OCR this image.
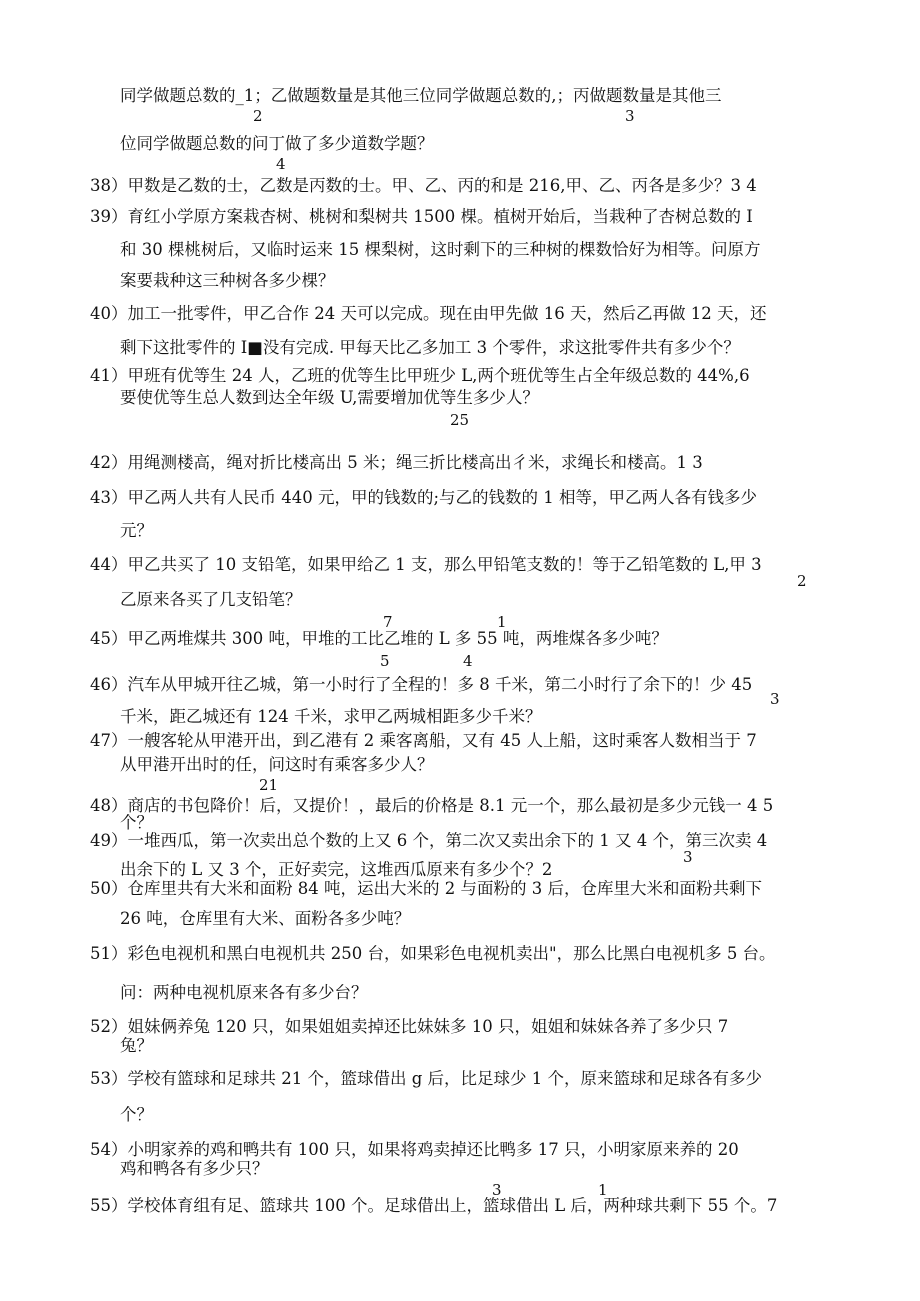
同学做题总数的_1；乙做题数量是其他三位同学做题总数的,；丙做题数量是其他三
2	3
位同学做题总数的问丁做了多少道数学题？
4
38）甲数是乙数的士，乙数是丙数的士。甲、乙、丙的和是 216,甲、乙、丙各是多少？3 4
39）育红小学原方案栽杏树、桃树和梨树共 1500 棵。植树开始后，当栽种了杏树总数的 I
和 30 棵桃树后，又临时运来 15 棵梨树，这时剩下的三种树的棵数恰好为相等。问原方
案要栽种这三种树各多少棵？
40）加工一批零件，甲乙合作 24 天可以完成。现在由甲先做 16 天，然后乙再做 12 天，还
剩下这批零件的 I■没有完成. 甲每天比乙多加工 3 个零件，求这批零件共有多少个？
41）甲班有优等生 24 人，乙班的优等生比甲班少 L,两个班优等生占全年级总数的 44%,6
要使优等生总人数到达全年级 U,需要增加优等生多少人？
25
42）用绳测楼高，绳对折比楼高出 5 米；绳三折比楼高出彳米，求绳长和楼高。1 3
43）甲乙两人共有人民币 440 元，甲的钱数的;与乙的钱数的 1 相等，甲乙两人各有钱多少
元？
44）甲乙共买了 10 支铅笔，如果甲给乙 1 支，那么甲铅笔支数的！等于乙铅笔数的 L,甲 3
2
乙原来各买了几支铅笔？
7	1
45）甲乙两堆煤共 300 吨，甲堆的工比乙堆的 L 多 55 吨，两堆煤各多少吨？
5	4
46）汽车从甲城开往乙城，第一小时行了全程的！多 8 千米，第二小时行了余下的！少 45
3
千米，距乙城还有 124 千米，求甲乙两城相距多少千米？
47）一艘客轮从甲港开出，到乙港有 2 乘客离船，又有 45 人上船，这时乘客人数相当于 7
从甲港开出时的任，问这时有乘客多少人？
21
48）商店的书包降价！后，又提价！，最后的价格是 8.1 元一个，那么最初是多少元钱一 4 5
个？
49）一堆西瓜，第一次卖出总个数的上又 6 个，第二次又卖出余下的 1 又 4 个，第三次卖 4
3
出余下的 L 又 3 个，正好卖完，这堆西瓜原来有多少个？2
50）仓库里共有大米和面粉 84 吨，运出大米的 2 与面粉的 3 后，仓库里大米和面粉共剩下
26 吨，仓库里有大米、面粉各多少吨？
51）彩色电视机和黑白电视机共 250 台，如果彩色电视机卖出"，那么比黑白电视机多 5 台。
问：两种电视机原来各有多少台？
52）姐妹俩养兔 120 只，如果姐姐卖掉还比妹妹多 10 只，姐姐和妹妹各养了多少只 7
兔？
53）学校有篮球和足球共 21 个，篮球借出 g 后，比足球少 1 个，原来篮球和足球各有多少
个？
54）小明家养的鸡和鸭共有 100 只，如果将鸡卖掉还比鸭多 17 只，小明家原来养的 20
鸡和鸭各有多少只？
3	1
55）学校体育组有足、篮球共 100 个。足球借出上，篮球借出 L 后，两种球共剩下 55 个。7
